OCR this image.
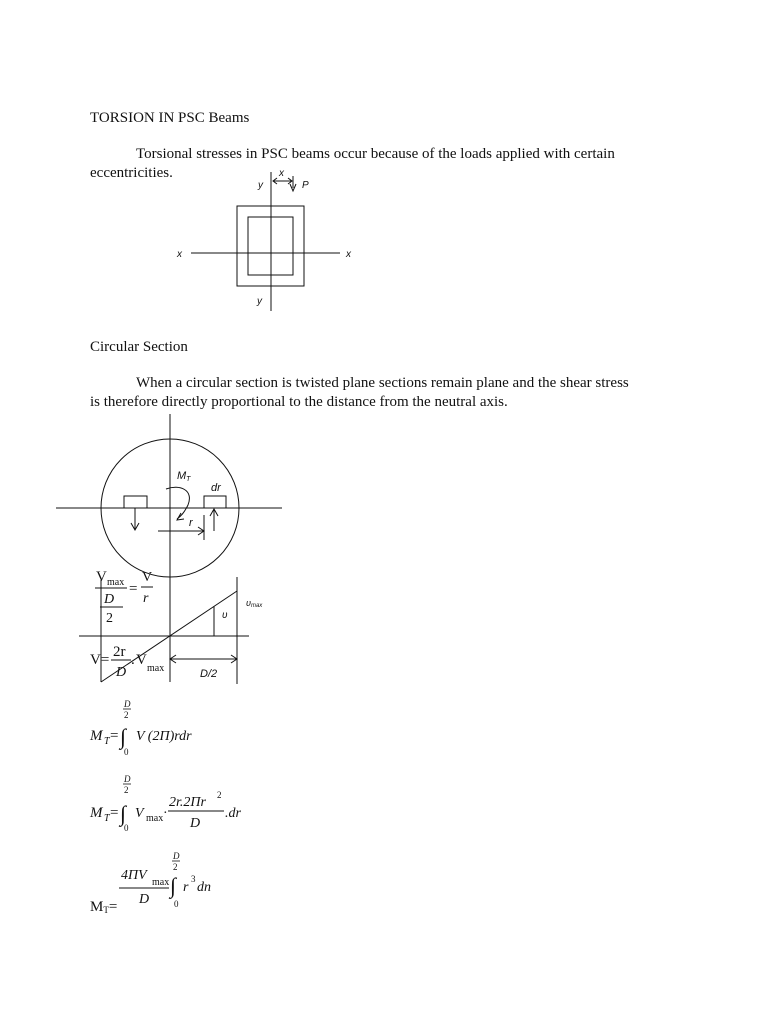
TORSION IN PSC Beams
Torsional stresses in PSC beams occur because of the loads applied with certain
eccentricities.
Circular Section
When a circular section is twisted plane sections remain plane and the shear stress
is therefore directly proportional to the distance from the neutral axis.
x
y	P
x	x
y
MT
dr
r
υ
υmax
D/2
V max
D
2
=
V
r
V= 2r
D
. V
max
M T =
D
2
∫
0
V (2Π)rdr
M T =
D
2
∫
0
V max ·
2r.2Πr 2
D
.dr
4ΠV max
D
D
2
∫
0
r
3
dn
MT=
